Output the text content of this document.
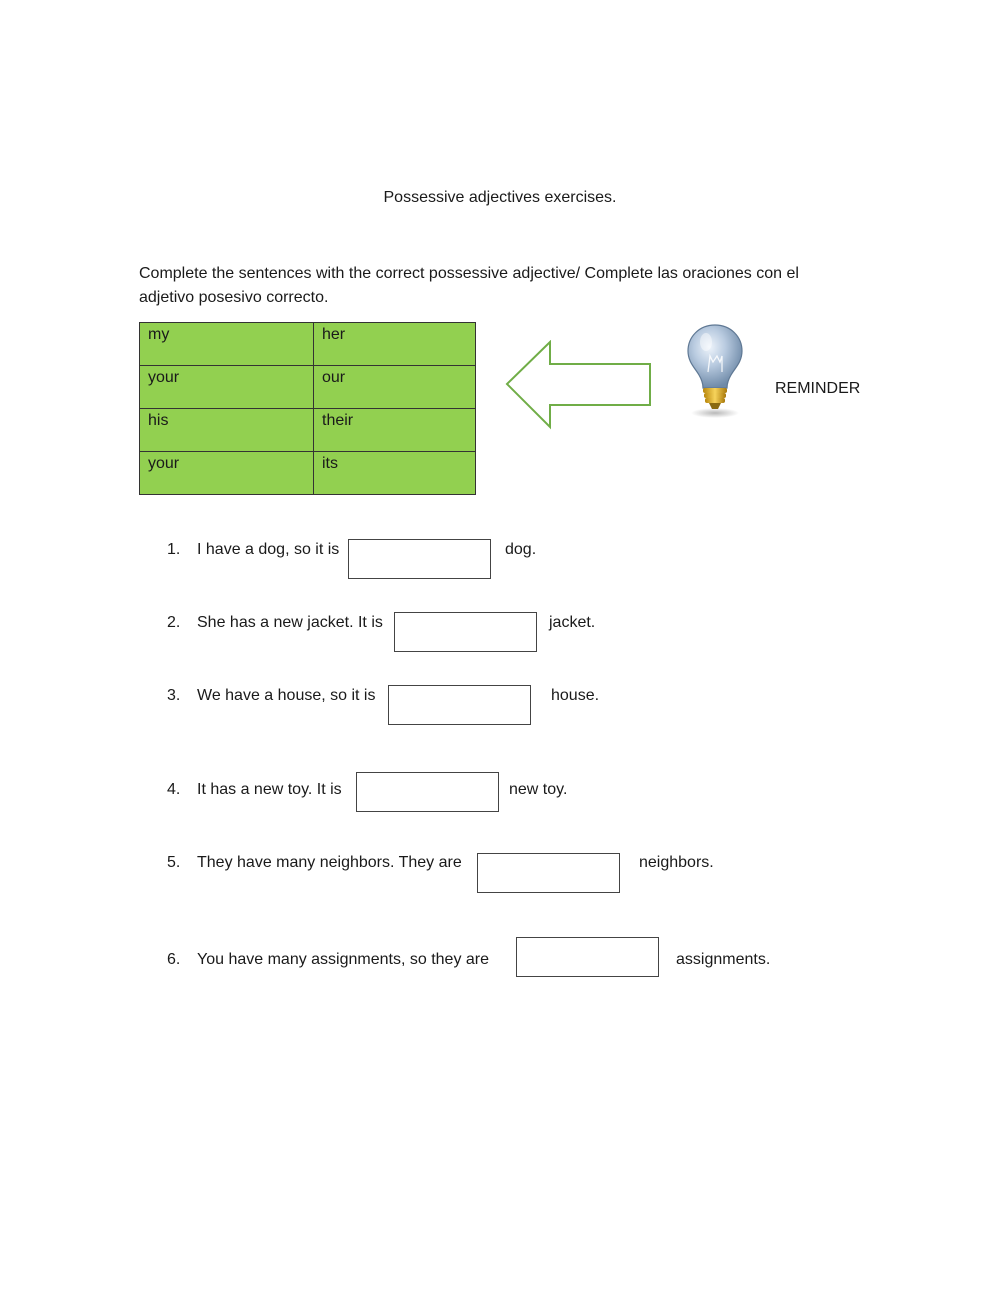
Possessive adjectives exercises.
Complete the sentences with the correct possessive adjective/ Complete las oraciones con el
adjetivo posesivo correcto.
my	her
your	our
his	their
your	its
REMINDER
1. I have a dog, so it is	dog.
2. She has a new jacket. It is	jacket.
3. We have a house, so it is	house.
4. It has a new toy. It is	new toy.
5. They have many neighbors. They are	neighbors.
6. You have many assignments, so they are	assignments.
